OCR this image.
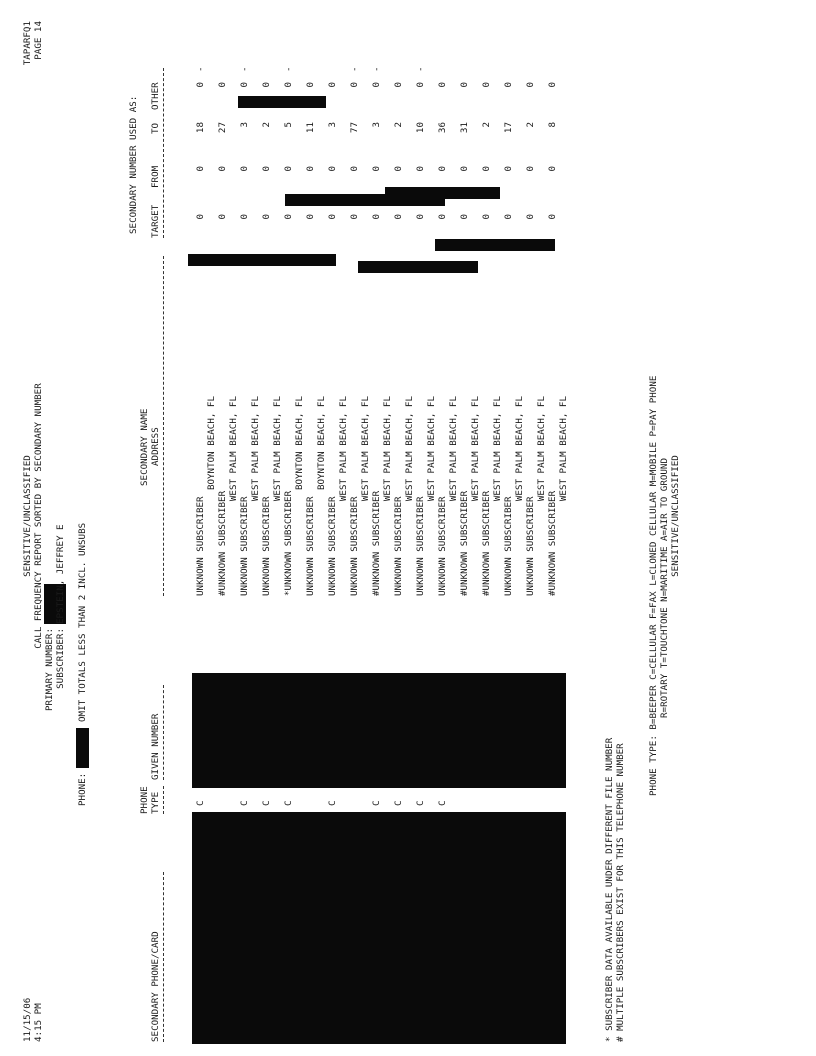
11/15/06 4:15 PM
SENSITIVE/UNCLASSIFIED CALL FREQUENCY REPORT SORTED BY SECONDARY NUMBER
TAPARFQ1 PAGE 14
PRIMARY NUMBER: SUBSCRIBER:
EPSTEIN, JEFFREY E
PHONE:
OMIT TOTALS LESS THAN 2 INCL. UNSUBS
SECONDARY NUMBER USED AS:
PHONE
SECONDARY NAME
SECONDARY PHONE/CARD
TYPE
GIVEN NUMBER
ADDRESS
TARGET
FROM
TO
OTHER
C
UNKNOWN SUBSCRIBER
BOYNTON BEACH, FL
0
0
18
0
-
#UNKNOWN SUBSCRIBER
WEST PALM BEACH, FL
0
0
27
0
C
UNKNOWN SUBSCRIBER
WEST PALM BEACH, FL
0
0
3
0
-
C
UNKNOWN SUBSCRIBER
WEST PALM BEACH, FL
0
0
2
0
C
*UNKNOWN SUBSCRIBER
BOYNTON BEACH, FL
0
0
5
0
-
UNKNOWN SUBSCRIBER
BOYNTON BEACH, FL
0
0
11
0
C
UNKNOWN SUBSCRIBER
WEST PALM BEACH, FL
0
0
3
0
UNKNOWN SUBSCRIBER
WEST PALM BEACH, FL
0
0
77
0
-
C
#UNKNOWN SUBSCRIBER
WEST PALM BEACH, FL
0
0
3
0
-
C
UNKNOWN SUBSCRIBER
WEST PALM BEACH, FL
0
0
2
0
C
UNKNOWN SUBSCRIBER
WEST PALM BEACH, FL
0
0
10
0
-
C
UNKNOWN SUBSCRIBER
WEST PALM BEACH, FL
0
0
36
0
#UNKNOWN SUBSCRIBER
WEST PALM BEACH, FL
0
0
31
0
#UNKNOWN SUBSCRIBER
WEST PALM BEACH, FL
0
0
2
0
UNKNOWN SUBSCRIBER
WEST PALM BEACH, FL
0
0
17
0
UNKNOWN SUBSCRIBER
WEST PALM BEACH, FL
0
0
2
0
#UNKNOWN SUBSCRIBER
WEST PALM BEACH, FL
0
0
8
0
* SUBSCRIBER DATA AVAILABLE UNDER DIFFERENT FILE NUMBER # MULTIPLE SUBSCRIBERS EXIST FOR THIS TELEPHONE NUMBER
PHONE TYPE: B=BEEPER C=CELLULAR F=FAX L=CLONED CELLULAR M=MOBILE P=PAY PHONE R=ROTARY T=TOUCHTONE N=MARITIME A=AIR TO GROUND SENSITIVE/UNCLASSIFIED
